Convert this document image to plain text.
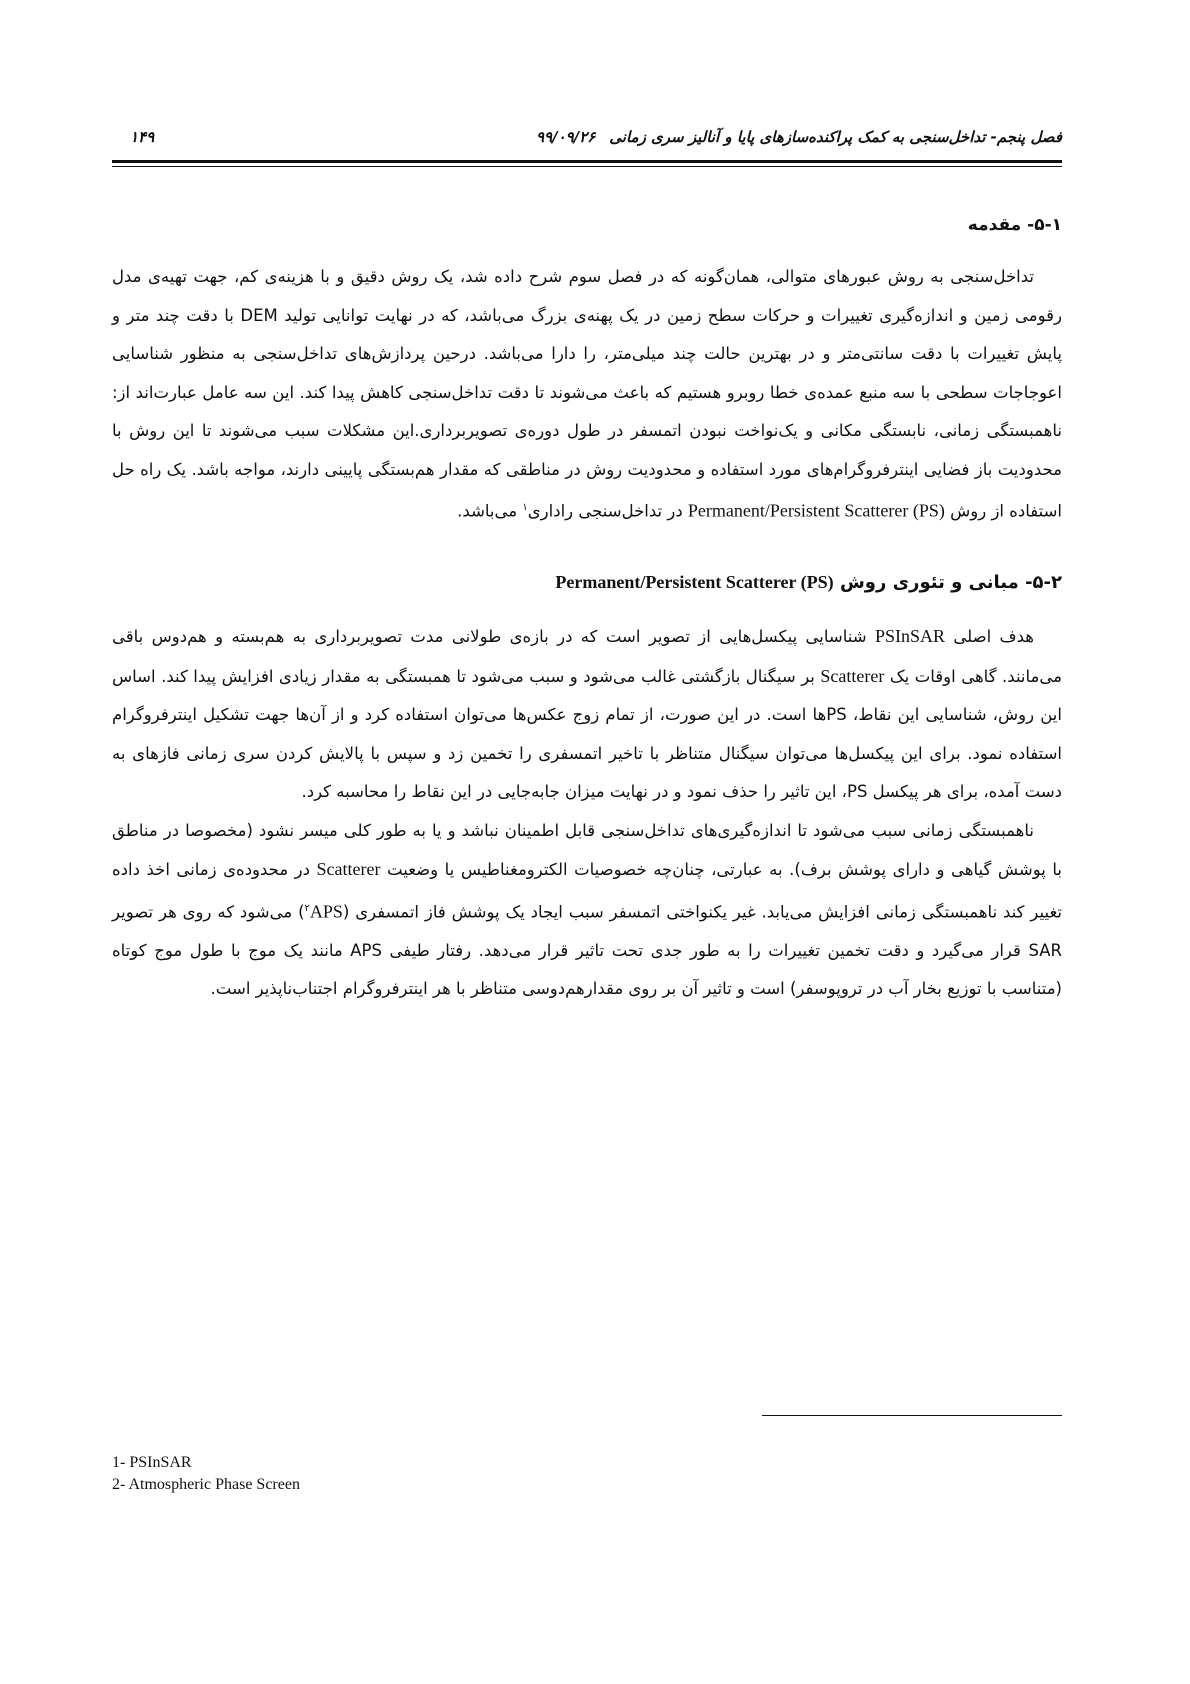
فصل پنجم- تداخل‌سنجی به کمک پراکنده‌سازهای پایا و آنالیز سری زمانی۹۹/۰۹/۲۶
۱۴۹
۵-۱- مقدمه

تداخل‌سنجی به روش عبورهای متوالی، همان‌گونه که در فصل سوم شرح داده شد، یک روش دقیق و با هزینه‌ی کم، جهت تهیه‌ی مدل رقومی زمین و اندازه‌گیری تغییرات و حرکات سطح زمین در یک پهنه‌ی بزرگ می‌باشد، که در نهایت توانایی تولید DEM با دقت چند متر و پایش تغییرات با دقت سانتی‌متر و در بهترین حالت چند میلی‌متر، را دارا می‌باشد. درحین پردازش‌های تداخل‌سنجی به منظور شناسایی اعوجاجات سطحی با سه منبع عمده‌ی خطا روبرو هستیم که باعث می‌شوند تا دقت تداخل‌سنجی کاهش پیدا کند. این سه عامل عبارت‌اند از: ناهمبستگی زمانی، نابستگی مکانی و یک‌نواخت نبودن اتمسفر در طول دوره‌ی تصویربرداری.این مشکلات سبب می‌شوند تا این روش با محدودیت باز فضایی اینترفروگرام‌های مورد استفاده و محدودیت روش در مناطقی که مقدار هم‌بستگی پایینی دارند، مواجه باشد. یک راه حل استفاده از روش Permanent/Persistent Scatterer (PS) در تداخل‌سنجی راداری$^۱$ می‌باشد.

۵-۲- مبانی و تئوری روش Permanent/Persistent Scatterer (PS)

هدف اصلی PSInSAR شناسایی پیکسل‌هایی از تصویر است که در بازه‌ی طولانی مدت تصویربرداری به هم‌بسته و هم‌دوس باقی می‌مانند. گاهی اوقات یک Scatterer بر سیگنال بازگشتی غالب می‌شود و سبب می‌شود تا همبستگی به مقدار زیادی افزایش پیدا کند. اساس این روش، شناسایی این نقاط، PSها است. در این صورت، از تمام زوج عکس‌ها می‌توان استفاده کرد و از آن‌ها جهت تشکیل اینترفروگرام استفاده نمود. برای این پیکسل‌ها می‌توان سیگنال متناظر با تاخیر اتمسفری را تخمین زد و سپس با پالایش کردن سری زمانی فازهای به دست آمده، برای هر پیکسل PS، این تاثیر را حذف نمود و در نهایت میزان جابه‌جایی در این نقاط را محاسبه کرد.

ناهمبستگی زمانی سبب می‌شود تا اندازه‌گیری‌های تداخل‌سنجی قابل اطمینان نباشد و یا به طور کلی میسر نشود (مخصوصا در مناطق با پوشش گیاهی و دارای پوشش برف). به عبارتی، چنان‌چه خصوصیات الکترومغناطیس یا وضعیت Scatterer در محدوده‌ی زمانی اخذ داده تغییر کند ناهمبستگی زمانی افزایش می‌یابد. غیر یکنواختی اتمسفر سبب ایجاد یک پوشش فاز اتمسفری (APS$^۲$) می‌شود که روی هر تصویر SAR قرار می‌گیرد و دقت تخمین تغییرات را به طور جدی تحت تاثیر قرار می‌دهد. رفتار طیفی APS مانند یک موج با طول موج کوتاه (متناسب با توزیع بخار آب در تروپوسفر) است و تاثیر آن بر روی مقدارهم‌دوسی متناظر با هر اینترفروگرام اجتناب‌ناپذیر است.

1- PSInSAR
2- Atmospheric Phase Screen
